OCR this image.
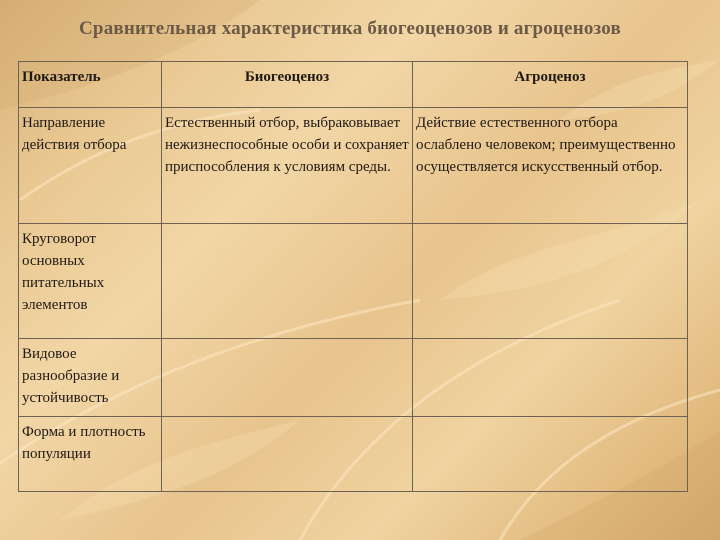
Сравнительная характеристика биогеоценозов и агроценозов
Показатель	Биогеоценоз	Агроценоз
Направление действия отбора	Естественный отбор, выбраковывает нежизнеспособные особи и сохраняет приспособления к условиям среды.	Действие естественного отбора ослаблено человеком; преимущественно осуществляется искусственный отбор.
Круговорот основных питательных элементов		
Видовое разнообразие и устойчивость		
Форма и плотность популяции		
